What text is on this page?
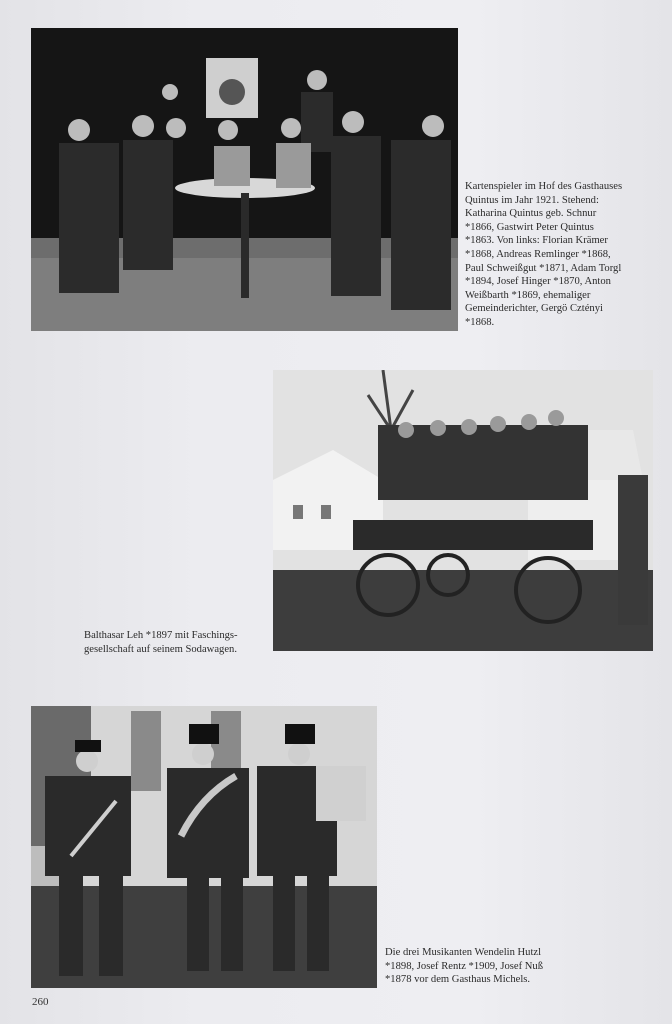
Kartenspieler im Hof des Gasthauses
Quintus im Jahr 1921. Stehend:
Katharina Quintus geb. Schnur
*1866, Gastwirt Peter Quintus
*1863. Von links: Florian Krämer
*1868, Andreas Remlinger *1868,
Paul Schweißgut *1871, Adam Torgl
*1894, Josef Hinger *1870, Anton
Weißbarth *1869, ehemaliger
Gemeinderichter, Gergö Cztényi
*1868.
Balthasar Leh *1897 mit Faschings-
gesellschaft auf seinem Sodawagen.
Die drei Musikanten Wendelin Hutzl
*1898, Josef Rentz *1909, Josef Nuß
*1878 vor dem Gasthaus Michels.
260
